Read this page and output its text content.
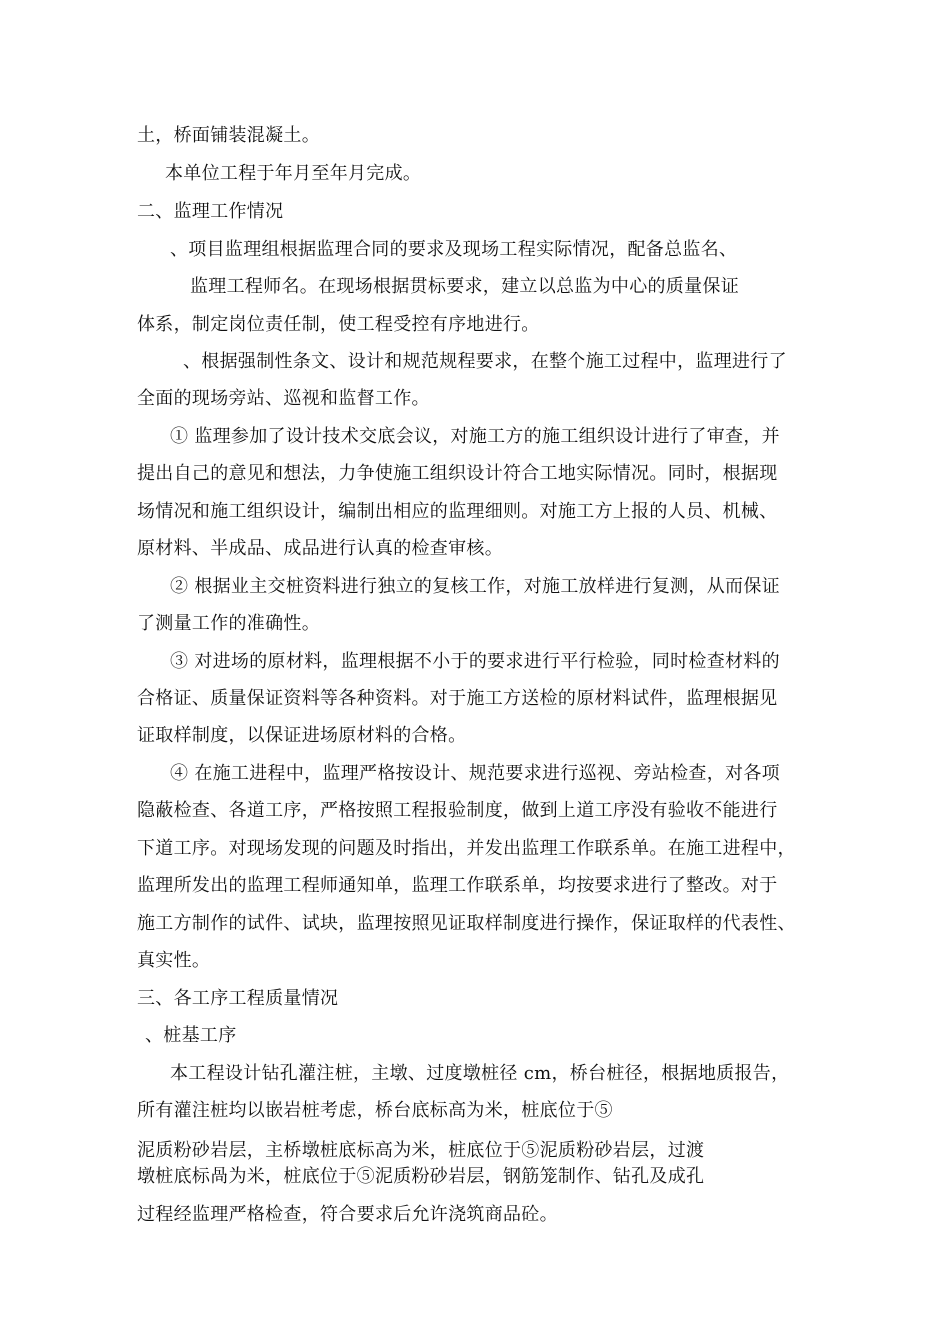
土，桥面铺装混凝土。
本单位工程于年月至年月完成。
二、监理工作情况
、项目监理组根据监理合同的要求及现场工程实际情况，配备总监名、
监理工程师名。在现场根据贯标要求，建立以总监为中心的质量保证
体系，制定岗位责任制，使工程受控有序地进行。
、根据强制性条文、设计和规范规程要求，在整个施工过程中，监理进行了
全面的现场旁站、巡视和监督工作。
① 监理参加了设计技术交底会议，对施工方的施工组织设计进行了审查，并
提出自己的意见和想法，力争使施工组织设计符合工地实际情况。同时，根据现
场情况和施工组织设计，编制出相应的监理细则。对施工方上报的人员、机械、
原材料、半成品、成品进行认真的检查审核。
② 根据业主交桩资料进行独立的复核工作，对施工放样进行复测，从而保证
了测量工作的准确性。
③ 对进场的原材料，监理根据不小于的要求进行平行检验，同时检查材料的
合格证、质量保证资料等各种资料。对于施工方送检的原材料试件，监理根据见
证取样制度，以保证进场原材料的合格。
④ 在施工进程中，监理严格按设计、规范要求进行巡视、旁站检查，对各项
隐蔽检查、各道工序，严格按照工程报验制度，做到上道工序没有验收不能进行
下道工序。对现场发现的问题及时指出，并发出监理工作联系单。在施工进程中，
监理所发出的监理工程师通知单，监理工作联系单，均按要求进行了整改。对于
施工方制作的试件、试块，监理按照见证取样制度进行操作，保证取样的代表性、
真实性。
三、各工序工程质量情况
、桩基工序
本工程设计钻孔灌注桩，主墩、过度墩桩径 cm，桥台桩径，根据地质报告，
所有灌注桩均以嵌岩桩考虑，桥台底标高为米，桩底位于⑤
泥质粉砂岩层，主桥墩桩底标高为米，桩底位于⑤泥质粉砂岩层，过渡
墩桩底标咼为米，桩底位于⑤泥质粉砂岩层，钢筋笼制作、钻孔及成孔
过程经监理严格检查，符合要求后允许浇筑商品砼。
